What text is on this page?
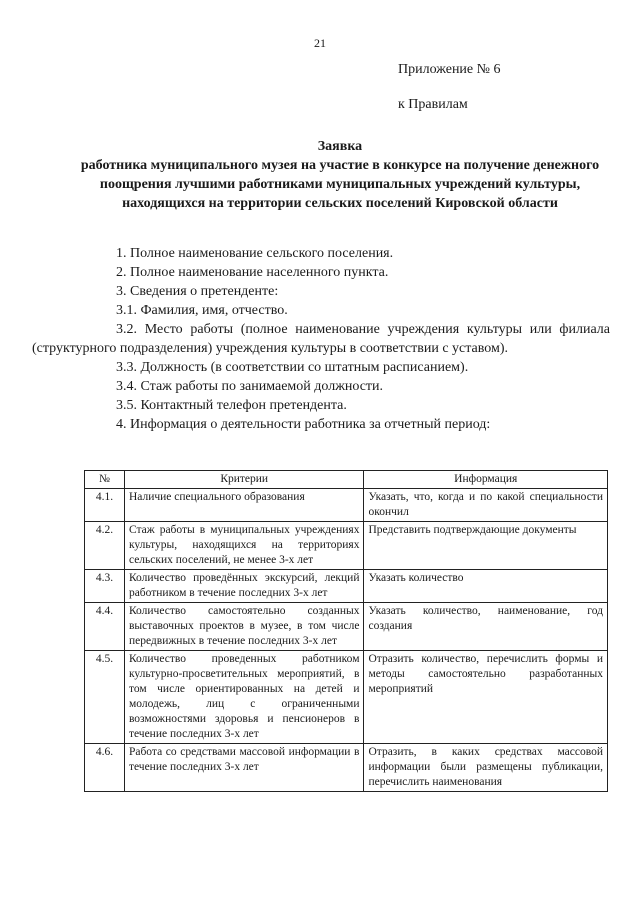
21
Приложение № 6
к Правилам
Заявка
работника муниципального музея на участие в конкурсе на получение денежного поощрения лучшими работниками муниципальных учреждений культуры, находящихся на территории сельских поселений Кировской области
1. Полное наименование сельского поселения.
2. Полное наименование населенного пункта.
3. Сведения о претенденте:
3.1. Фамилия, имя, отчество.
3.2. Место работы (полное наименование учреждения культуры или филиала (структурного подразделения) учреждения культуры в соответствии с уставом).
3.3. Должность (в соответствии со штатным расписанием).
3.4. Стаж работы по занимаемой должности.
3.5. Контактный телефон претендента.
4. Информация о деятельности работника за отчетный период:
№	Критерии	Информация
4.1.	Наличие специального образования	Указать, что, когда и по какой специальности окончил
4.2.	Стаж работы в муниципальных учреждениях культуры, находящихся на территориях сельских поселений, не менее 3-х лет	Представить подтверждающие документы
4.3.	Количество проведённых экскурсий, лекций работником в течение последних 3-х лет	Указать количество
4.4.	Количество самостоятельно созданных выставочных проектов в музее, в том числе передвижных в течение последних 3-х лет	Указать количество, наименование, год создания
4.5.	Количество проведенных работником культурно-просветительных мероприятий, в том числе ориентированных на детей и молодежь, лиц с ограниченными возможностями здоровья и пенсионеров в течение последних 3-х лет	Отразить количество, перечислить формы и методы самостоятельно разработанных мероприятий
4.6.	Работа со средствами массовой информации в течение последних 3-х лет	Отразить, в каких средствах массовой информации были размещены публикации, перечислить наименования
